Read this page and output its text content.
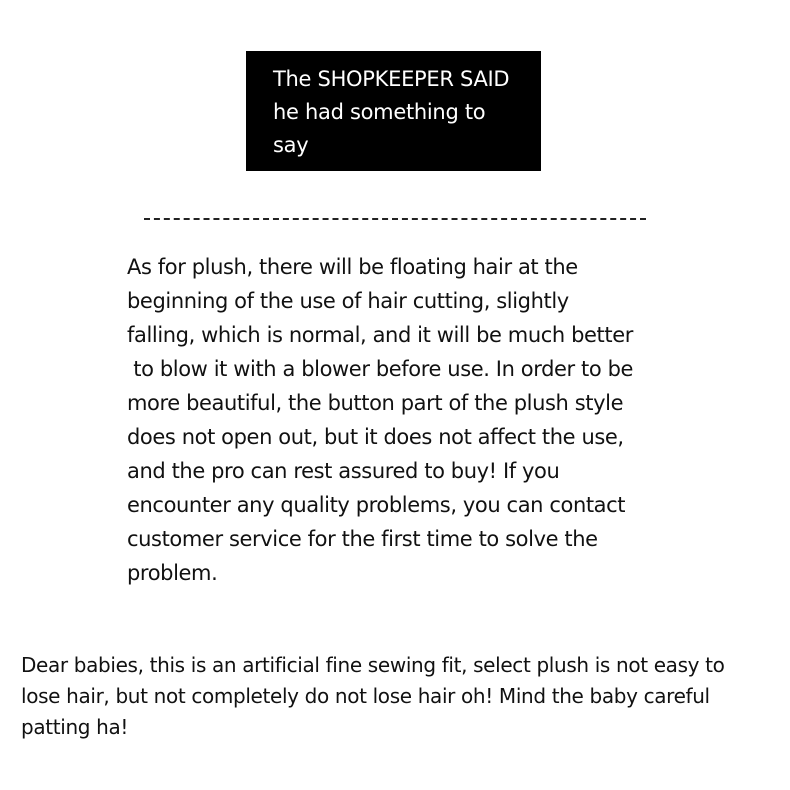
The SHOPKEEPER SAID
he had something to
say
As for plush, there will be floating hair at the
beginning of the use of hair cutting, slightly
falling, which is normal, and it will be much better
to blow it with a blower before use. In order to be
more beautiful, the button part of the plush style
does not open out, but it does not affect the use,
and the pro can rest assured to buy! If you
encounter any quality problems, you can contact
customer service for the first time to solve the
problem.
Dear babies, this is an artificial fine sewing fit, select plush is not easy to
lose hair, but not completely do not lose hair oh! Mind the baby careful
patting ha!
